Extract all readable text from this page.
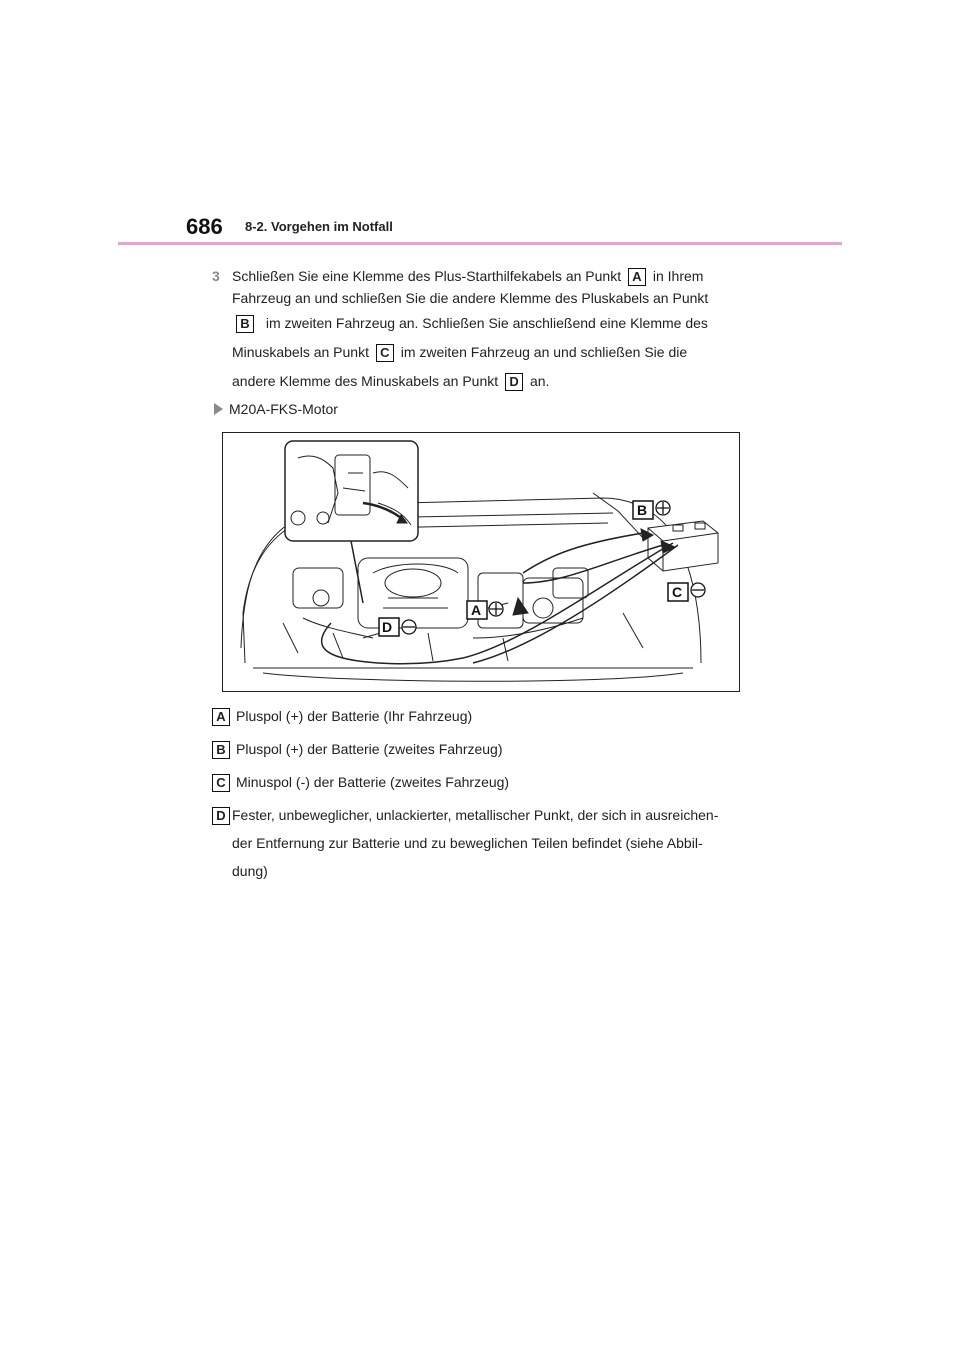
686 8-2. Vorgehen im Notfall
3 Schließen Sie eine Klemme des Plus-Starthilfekabels an Punkt A in Ihrem
Fahrzeug an und schließen Sie die andere Klemme des Pluskabels an Punkt
B im zweiten Fahrzeug an. Schließen Sie anschließend eine Klemme des
Minuskabels an Punkt C im zweiten Fahrzeug an und schließen Sie die
andere Klemme des Minuskabels an Punkt D an.
M20A-FKS-Motor
B
C
A
D
A Pluspol (+) der Batterie (Ihr Fahrzeug)
B Pluspol (+) der Batterie (zweites Fahrzeug)
C Minuspol (-) der Batterie (zweites Fahrzeug)
D Fester, unbeweglicher, unlackierter, metallischer Punkt, der sich in ausreichen-
der Entfernung zur Batterie und zu beweglichen Teilen befindet (siehe Abbil-
dung)
